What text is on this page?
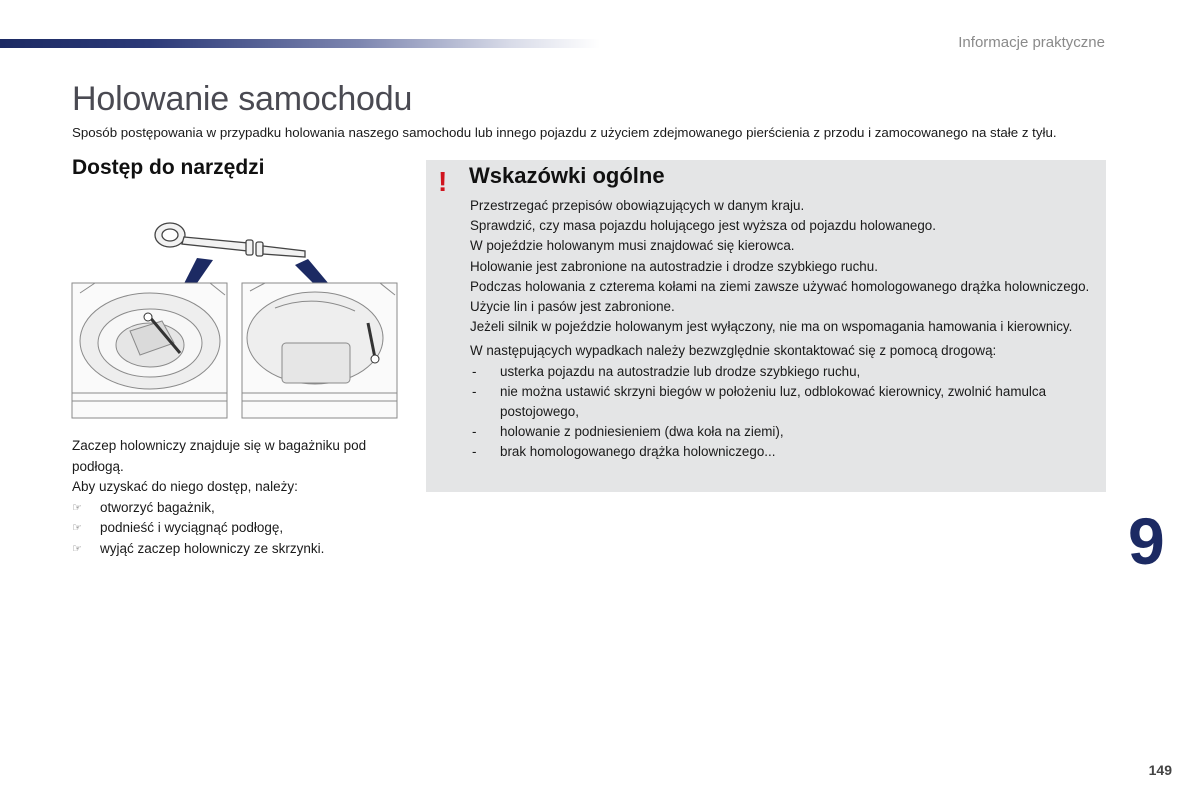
Informacje praktyczne
Holowanie samochodu

Sposób postępowania w przypadku holowania naszego samochodu lub innego pojazdu z użyciem zdejmowanego pierścienia z przodu i zamocowanego na stałe z tyłu.

Dostęp do narzędzi

Zaczep holowniczy znajduje się w bagażniku pod podłogą.

Aby uzyskać do niego dostęp, należy:

☞ otworzyć bagażnik,
☞ podnieść i wyciągnąć podłogę,
☞ wyjąć zaczep holowniczy ze skrzynki.
! Wskazówki ogólne

Przestrzegać przepisów obowiązujących w danym kraju.

Sprawdzić, czy masa pojazdu holującego jest wyższa od pojazdu holowanego.

W pojeździe holowanym musi znajdować się kierowca.

Holowanie jest zabronione na autostradzie i drodze szybkiego ruchu.

Podczas holowania z czterema kołami na ziemi zawsze używać homologowanego drążka holowniczego. Użycie lin i pasów jest zabronione.

Jeżeli silnik w pojeździe holowanym jest wyłączony, nie ma on wspomagania hamowania i kierownicy.

W następujących wypadkach należy bezwzględnie skontaktować się z pomocą drogową:

- usterka pojazdu na autostradzie lub drodze szybkiego ruchu,
- nie można ustawić skrzyni biegów w położeniu luz, odblokować kierownicy, zwolnić hamulca postojowego,
- holowanie z podniesieniem (dwa koła na ziemi),
- brak homologowanego drążka holowniczego...
9
149
